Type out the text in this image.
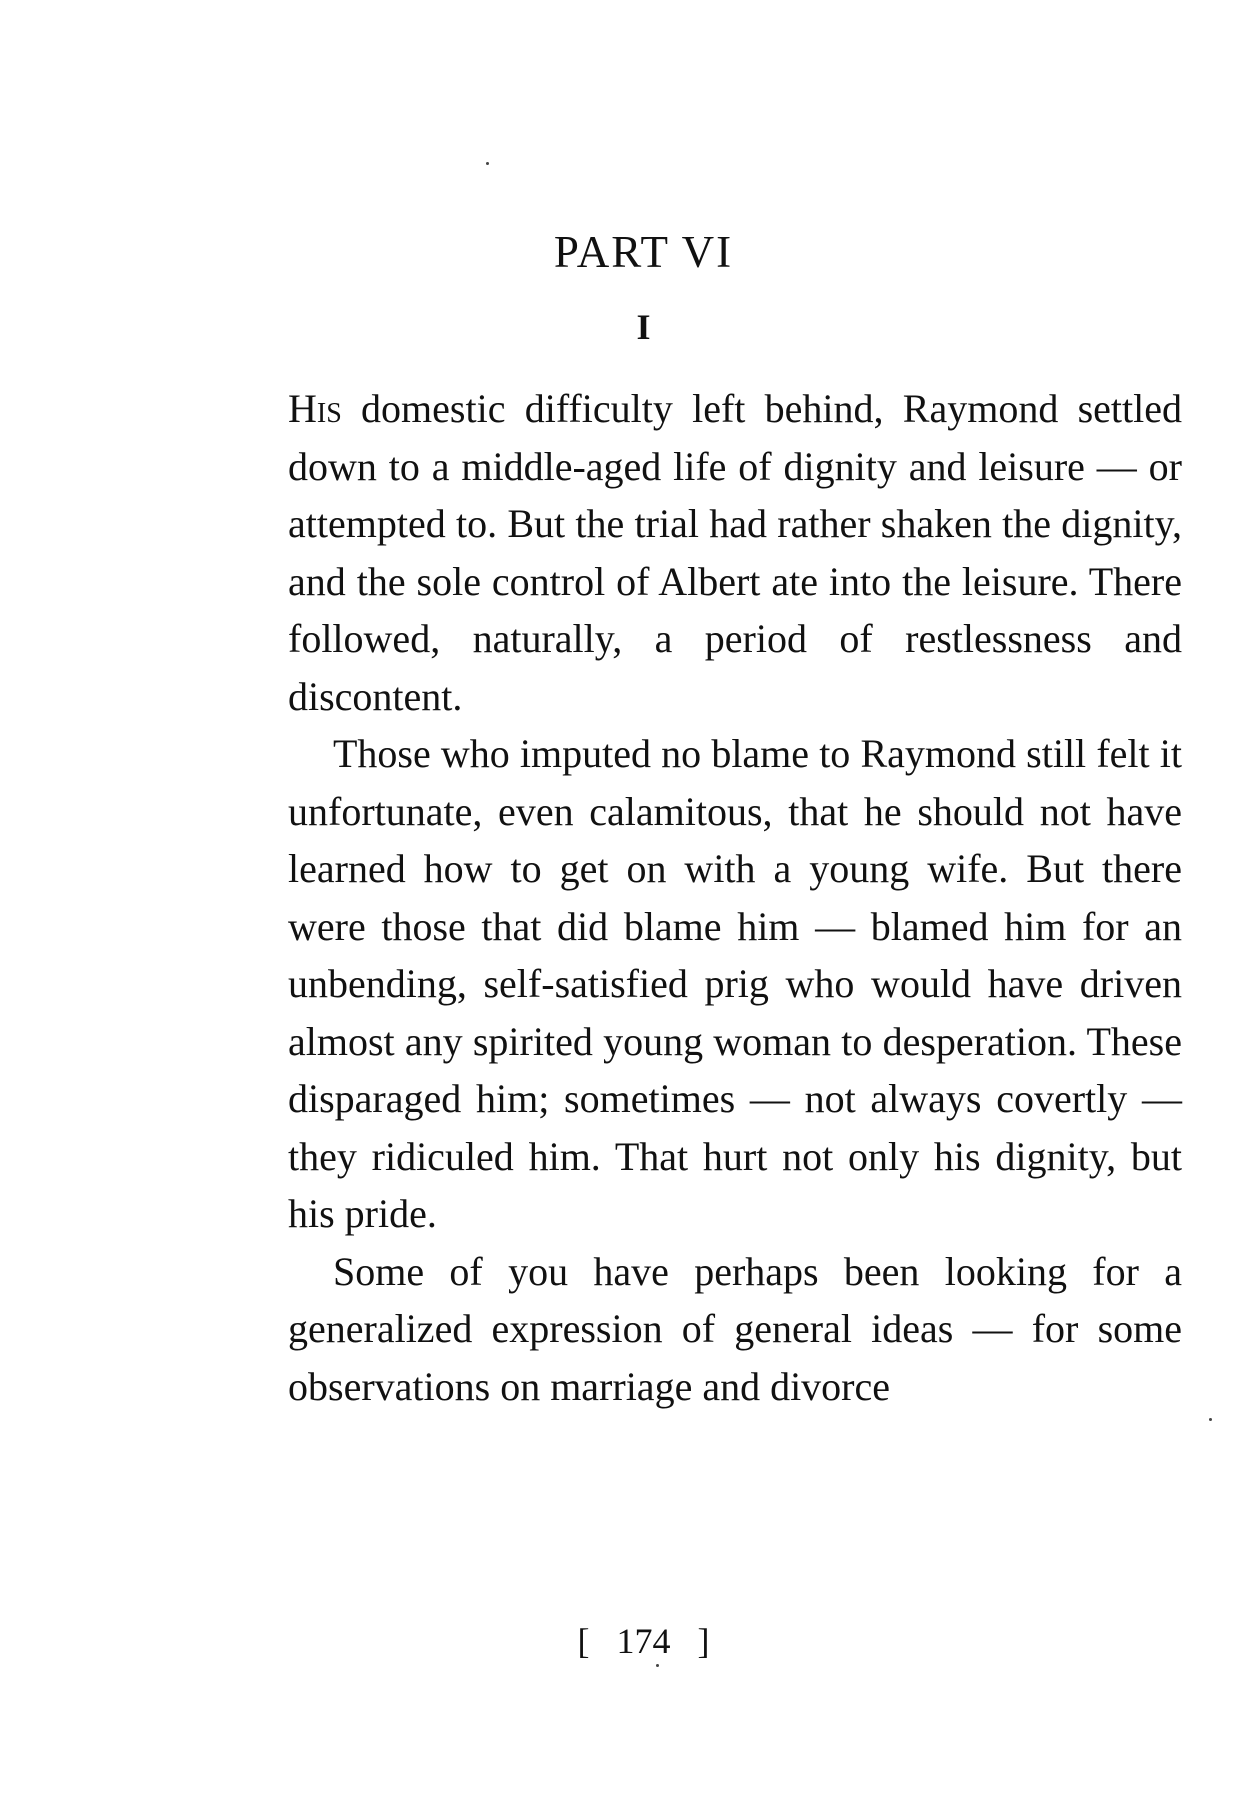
PART VI
I

His domestic difficulty left behind, Raymond settled down to a middle-aged life of dignity and leisure — or attempted to. But the trial had rather shaken the dignity, and the sole control of Albert ate into the leisure. There followed, naturally, a period of restlessness and discontent.

Those who imputed no blame to Raymond still felt it unfortunate, even calamitous, that he should not have learned how to get on with a young wife. But there were those that did blame him — blamed him for an unbending, self-satisfied prig who would have driven almost any spirited young woman to desperation. These disparaged him; sometimes — not always covertly — they ridiculed him. That hurt not only his dignity, but his pride.

Some of you have perhaps been looking for a generalized expression of general ideas — for some observations on marriage and divorce

[ 174 ]
